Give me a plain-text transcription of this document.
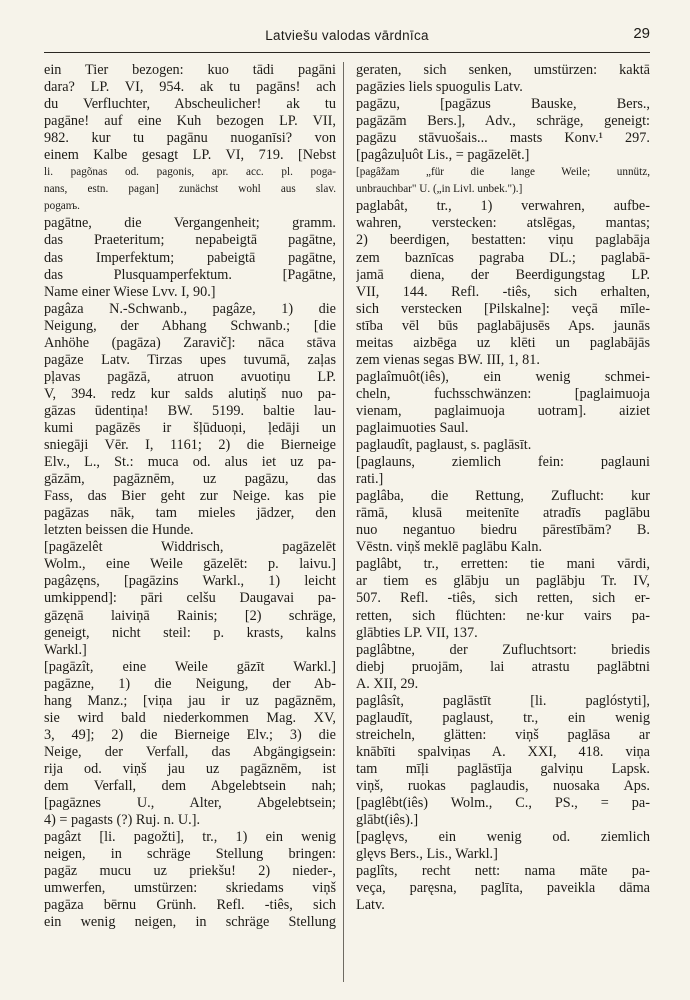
Latviešu valodas vārdnīca	29
ein Tier bezogen: kuo tādi pagāni
dara? LP. VI, 954. ak tu pagāns! ach
du Verfluchter, Abscheulicher! ak tu
pagāne! auf eine Kuh bezogen LP. VII,
982. kur tu pagānu nuoganīsi? von
einem Kalbe gesagt LP. VI, 719. [Nebst
li. pagõnas od. pagonis, apr. acc. pl. poga-
nans, estn. pagan] zunächst wohl aus slav.
poganъ.
pagātne, die Vergangenheit; gramm.
das Praeteritum; nepabeigtā pagātne,
das Imperfektum; pabeigtā pagātne,
das Plusquamperfektum. [Pagātne,
Name einer Wiese Lvv. I, 90.]
pagâza N.-Schwanb., pagâze, 1) die
Neigung, der Abhang Schwanb.; [die
Anhöhe (pagāza) Zaravič]: nāca stāva
pagāze Latv. Tirzas upes tuvumā, zaļas
pļavas pagāzā, atruon avuotiņu LP.
V, 394. redz kur salds alutiņš nuo pa-
gāzas ūdentiņa! BW. 5199. baltie lau-
kumi pagāzēs ir šļūduoņi, ļedāji un
sniegāji Vēr. I, 1161; 2) die Bierneige
Elv., L., St.: muca od. alus iet uz pa-
gāzām, pagāznēm, uz pagāzu, das
Fass, das Bier geht zur Neige. kas pie
pagāzas nāk, tam mieles jādzer, den
letzten beissen die Hunde.
[pagāzelêt Widdrisch, pagāzelēt
Wolm., eine Weile gāzelēt: p. laivu.]
pagâzęns, [pagāzins Warkl., 1) leicht
umkippend]: pāri celšu Daugavai pa-
gāzęnā laiviņā Rainis; [2) schräge,
geneigt, nicht steil: p. krasts, kalns
Warkl.]
[pagāzît, eine Weile gāzīt Warkl.]
pagāzne, 1) die Neigung, der Ab-
hang Manz.; [viņa jau ir uz pagāznēm,
sie wird bald niederkommen Mag. XV,
3, 49]; 2) die Bierneige Elv.; 3) die
Neige, der Verfall, das Abgängigsein:
rija od. viņš jau uz pagāznēm, ist
dem Verfall, dem Abgelebtsein nah;
[pagāznes U., Alter, Abgelebtsein;
4) = pagasts (?) Ruj. n. U.].
pagâzt [li. pagožti], tr., 1) ein wenig
neigen, in schräge Stellung bringen:
pagāz mucu uz priekšu! 2) nieder-,
umwerfen, umstürzen: skriedams viņš
pagāza bērnu Grünh. Refl. -tiês, sich
ein wenig neigen, in schräge Stellung
geraten, sich senken, umstürzen: kaktā
pagāzies liels spuogulis Latv.
pagāzu, [pagāzus Bauske, Bers.,
pagāzām Bers.], Adv., schräge, geneigt:
pagāzu stāvuošais... masts Konv.¹ 297.
[pagâzuļuôt Lis., = pagāzelēt.]
[pagâžam „für die lange Weile; unnütz,
unbrauchbar" U. („in Livl. unbek.").]
paglabât, tr., 1) verwahren, aufbe-
wahren, verstecken: atslēgas, mantas;
2) beerdigen, bestatten: viņu paglabāja
zem baznīcas pagraba DL.; paglabā-
jamā diena, der Beerdigungstag LP.
VII, 144. Refl. -tiês, sich erhalten,
sich verstecken [Pilskalne]: veçā mīle-
stība vēl būs paglabājusēs Aps. jaunās
meitas aizbēga uz klēti un paglabājās
zem vienas segas BW. III, 1, 81.
paglaîmuôt(iês), ein wenig schmei-
cheln, fuchsschwänzen: [paglaimuoja
vienam, paglaimuoja uotram]. aiziet
paglaimuoties Saul.
paglaudît, paglaust, s. paglāsīt.
[paglauns, ziemlich fein: paglauni
rati.]
paglâba, die Rettung, Zuflucht: kur
rāmā, klusā meitenīte atradīs paglābu
nuo negantuo biedru pārestībām? B.
Vēstn. viņš meklē paglābu Kaln.
paglâbt, tr., erretten: tie mani vārdi,
ar tiem es glābju un paglābju Tr. IV,
507. Refl. -tiês, sich retten, sich er-
retten, sich flüchten: ne·kur vairs pa-
glābties LP. VII, 137.
paglâbtne, der Zufluchtsort: briedis
diebj pruojām, lai atrastu paglābtni
A. XII, 29.
paglâsît, paglāstīt [li. paglóstyti],
paglaudīt, paglaust, tr., ein wenig
streicheln, glätten: viņš paglāsa ar
knābīti spalviņas A. XXI, 418. viņa
tam mīļi paglāstīja galviņu Lapsk.
viņš, ruokas paglaudis, nuosaka Aps.
[paglêbt(iês) Wolm., C., PS., = pa-
glābt(iês).]
[paglęvs, ein wenig od. ziemlich
glęvs Bers., Lis., Warkl.]
paglîts, recht nett: nama māte pa-
veça, paręsna, paglīta, paveikla dāma
Latv.
